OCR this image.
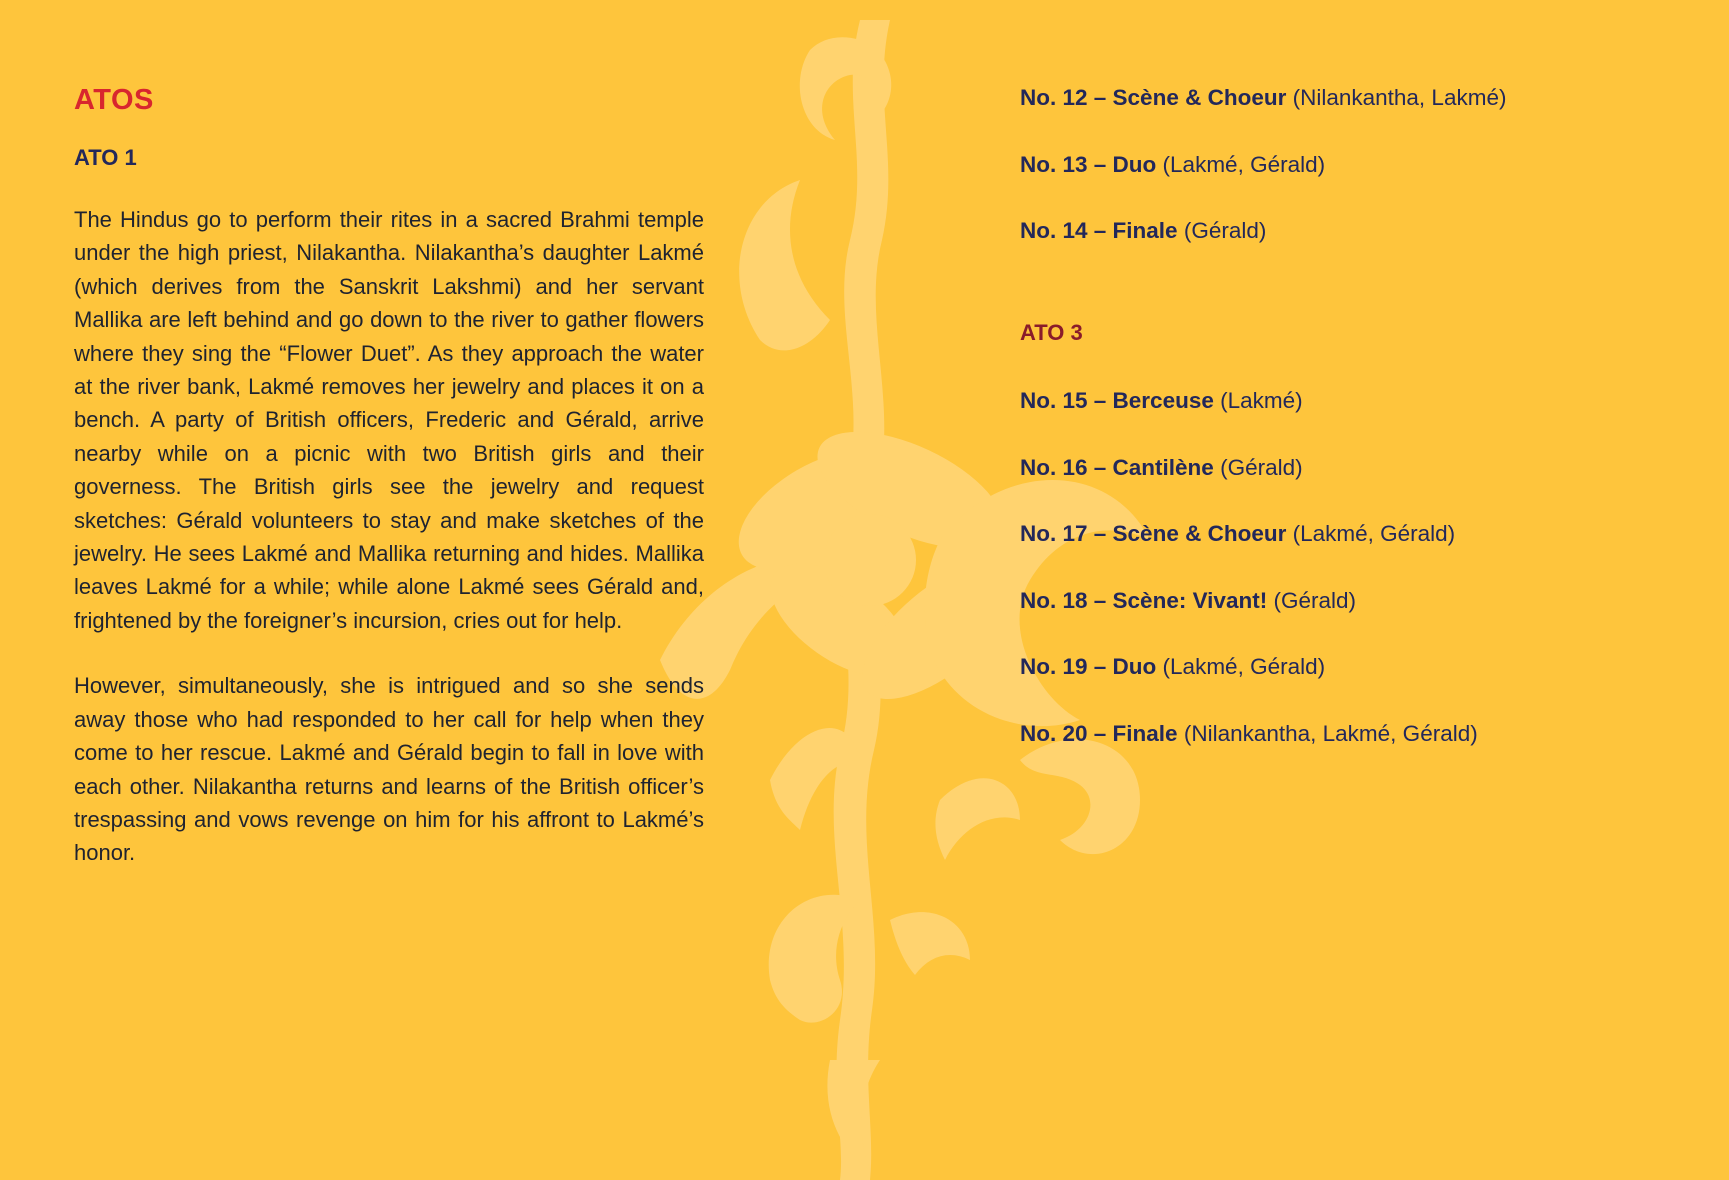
ATOS
ATO 1

The Hindus go to perform their rites in a sacred Brahmi temple under the high priest, Nilakantha. Nilakantha’s daughter Lakmé (which derives from the Sanskrit Lakshmi) and her servant Mallika are left behind and go down to the river to gather flowers where they sing the “Flower Duet”. As they approach the water at the river bank, Lakmé removes her jewelry and places it on a bench. A party of British officers, Frederic and Gérald, arrive nearby while on a picnic with two British girls and their governess. The British girls see the jewelry and request sketches: Gérald volunteers to stay and make sketches of the jewelry. He sees Lakmé and Mallika returning and hides. Mallika leaves Lakmé for a while; while alone Lakmé sees Gérald and, frightened by the foreigner’s incursion, cries out for help.

However, simultaneously, she is intrigued and so she sends away those who had responded to her call for help when they come to her rescue. Lakmé and Gérald begin to fall in love with each other. Nilakantha returns and learns of the British officer’s trespassing and vows revenge on him for his affront to Lakmé’s honor.

No. 12 – Scène & Choeur (Nilankantha, Lakmé)
No. 13 – Duo (Lakmé, Gérald)
No. 14 – Finale (Gérald)
ATO 3
No. 15 – Berceuse (Lakmé)
No. 16 – Cantilène (Gérald)
No. 17 – Scène & Choeur (Lakmé, Gérald)
No. 18 – Scène: Vivant! (Gérald)
No. 19 – Duo (Lakmé, Gérald)
No. 20 – Finale (Nilankantha, Lakmé, Gérald)
